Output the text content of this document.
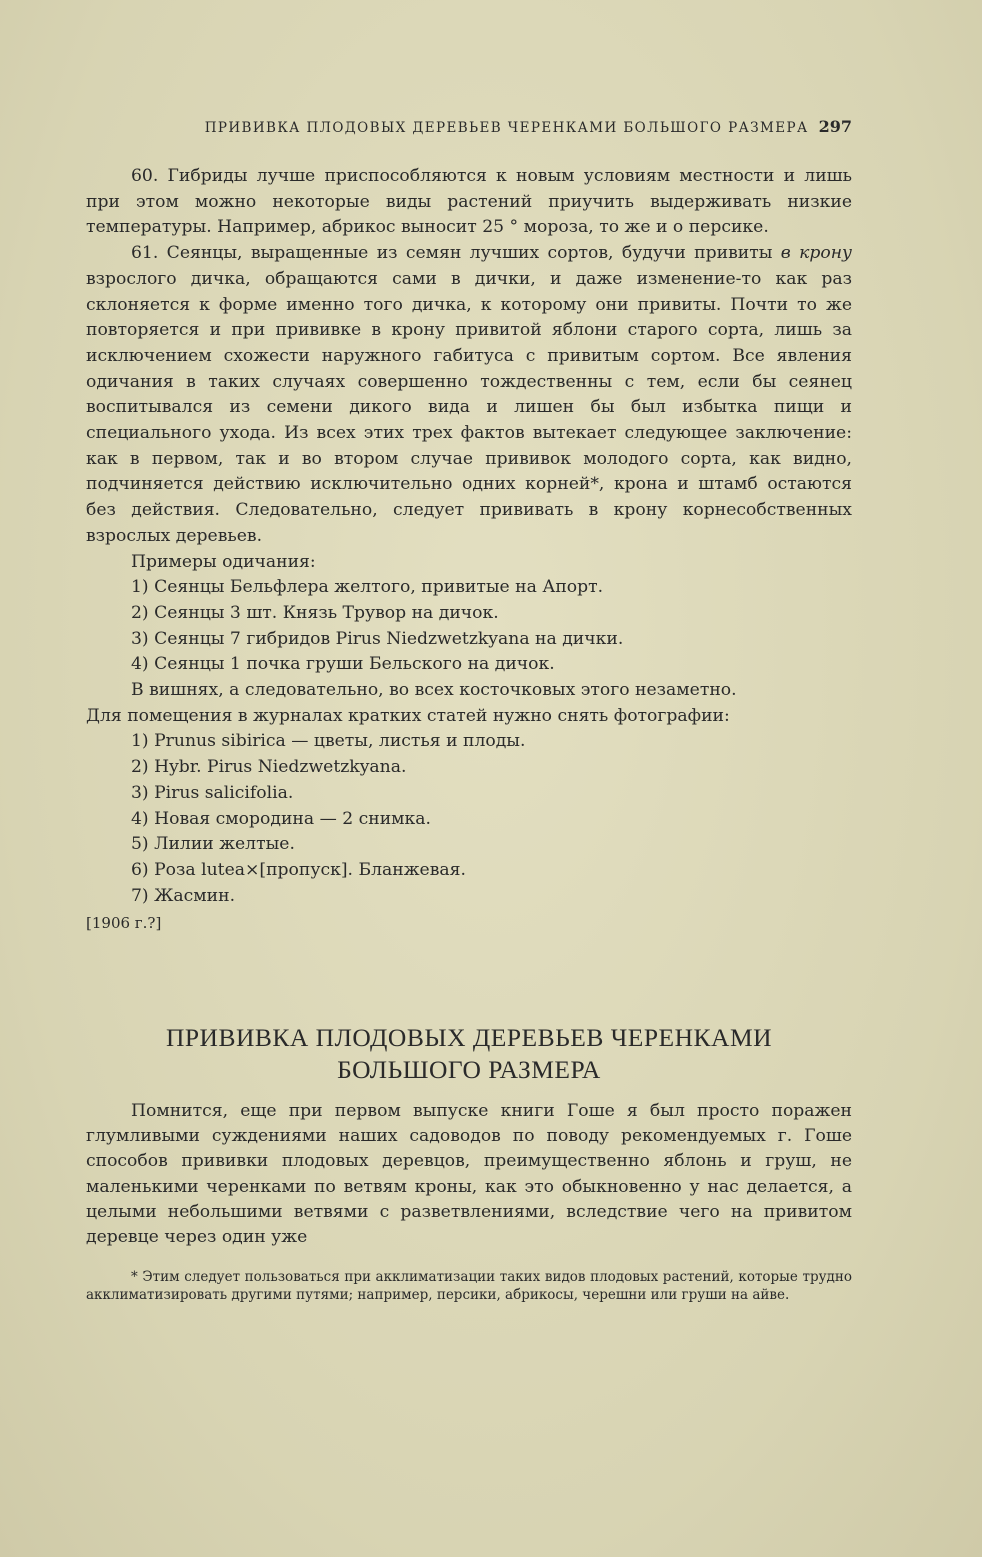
ПРИВИВКА ПЛОДОВЫХ ДЕРЕВЬЕВ ЧЕРЕНКАМИ БОЛЬШОГО РАЗМЕРА 297

60. Гибриды лучше приспособляются к новым условиям местности и лишь при этом можно некоторые виды растений приучить выдерживать низкие температуры. Например, абрикос выносит 25 ° мороза, то же и о персике.

61. Сеянцы, выращенные из семян лучших сортов, будучи привиты в крону взрослого дичка, обращаются сами в дички, и даже изменение-то как раз склоняется к форме именно того дичка, к которому они привиты. Почти то же повторяется и при прививке в крону привитой яблони старого сорта, лишь за исключением схожести наружного габитуса с привитым сортом. Все явления одичания в таких случаях совершенно тождественны с тем, если бы сеянец воспитывался из семени дикого вида и лишен бы был избытка пищи и специального ухода. Из всех этих трех фактов вытекает следующее заключение: как в первом, так и во втором случае прививок молодого сорта, как видно, подчиняется действию исключительно одних корней*, крона и штамб остаются без действия. Следовательно, следует прививать в крону корнесобственных взрослых деревьев.

Примеры одичания:

1) Сеянцы Бельфлера желтого, привитые на Апорт.
2) Сеянцы 3 шт. Князь Трувор на дичок.
3) Сеянцы 7 гибридов Pirus Niedzwetzkyana на дички.
4) Сеянцы 1 почка груши Бельского на дичок.

В вишнях, а следовательно, во всех косточковых этого незаметно.

Для помещения в журналах кратких статей нужно снять фотографии:

1) Prunus sibirica — цветы, листья и плоды.
2) Hybr. Pirus Niedzwetzkyana.
3) Pirus salicifolia.
4) Новая смородина — 2 снимка.
5) Лилии желтые.
6) Роза lutea×[пропуск]. Бланжевая.
7) Жасмин.

[1906 г.?]

ПРИВИВКА ПЛОДОВЫХ ДЕРЕВЬЕВ ЧЕРЕНКАМИ
БОЛЬШОГО РАЗМЕРА

Помнится, еще при первом выпуске книги Гоше я был просто поражен глумливыми суждениями наших садоводов по поводу рекомендуемых г. Гоше способов прививки плодовых деревцов, преимущественно яблонь и груш, не маленькими черенками по ветвям кроны, как это обыкновенно у нас делается, а целыми небольшими ветвями с разветвлениями, вследствие чего на привитом деревце через один уже

* Этим следует пользоваться при акклиматизации таких видов плодовых растений, которые трудно акклиматизировать другими путями; например, персики, абрикосы, черешни или груши на айве.
